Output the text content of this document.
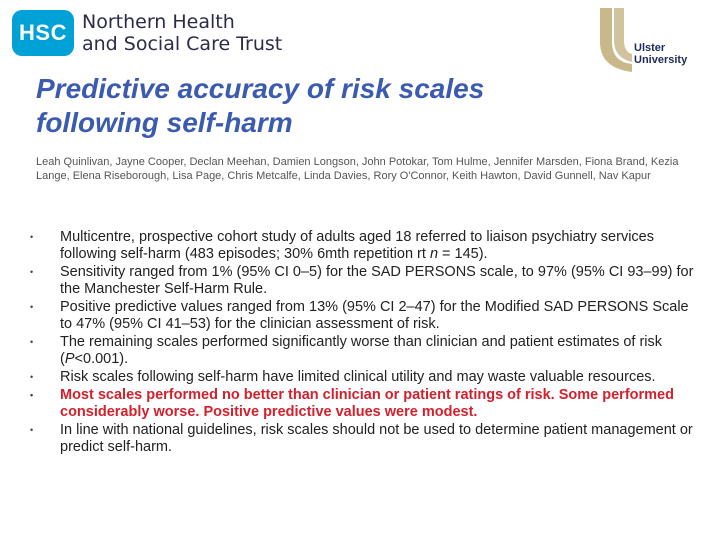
HSC Northern Health
and Social Care Trust	Ulster
University
Predictive accuracy of risk scales
following self-harm

Leah Quinlivan, Jayne Cooper, Declan Meehan, Damien Longson, John Potokar, Tom Hulme, Jennifer Marsden, Fiona Brand, Kezia Lange, Elena Riseborough, Lisa Page, Chris Metcalfe, Linda Davies, Rory O'Connor, Keith Hawton, David Gunnell, Nav Kapur

• Multicentre, prospective cohort study of adults aged 18 referred to liaison psychiatry services following self-harm (483 episodes; 30% 6mth repetition rt n = 145).
• Sensitivity ranged from 1% (95% CI 0–5) for the SAD PERSONS scale, to 97% (95% CI 93–99) for the Manchester Self-Harm Rule.
• Positive predictive values ranged from 13% (95% CI 2–47) for the Modified SAD PERSONS Scale to 47% (95% CI 41–53) for the clinician assessment of risk.
• The remaining scales performed significantly worse than clinician and patient estimates of risk (P<0.001).
• Risk scales following self-harm have limited clinical utility and may waste valuable resources.
• Most scales performed no better than clinician or patient ratings of risk. Some performed considerably worse. Positive predictive values were modest.
• In line with national guidelines, risk scales should not be used to determine patient management or predict self-harm.
